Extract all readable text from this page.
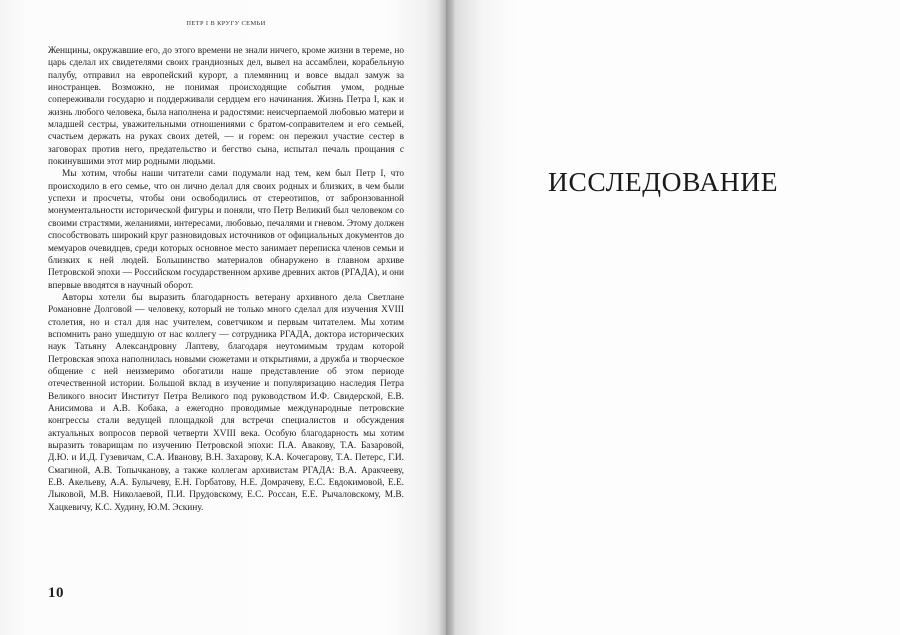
ПЕТР I В КРУГУ СЕМЬИ

Женщины, окружавшие его, до этого времени не знали ничего, кроме жизни в тереме, но царь сделал их свидетелями своих грандиозных дел, вывел на ассамблеи, корабельную палубу, отправил на европейский курорт, а племянниц и вовсе выдал замуж за иностранцев. Возможно, не понимая происходящие события умом, родные сопереживали государю и поддерживали сердцем его начинания. Жизнь Петра I, как и жизнь любого человека, была наполнена и радостями: неисчерпаемой любовью матери и младшей сестры, уважительными отношениями с братом-соправителем и его семьей, счастьем держать на руках своих детей, — и горем: он пережил участие сестер в заговорах против него, предательство и бегство сына, испытал печаль прощания с покинувшими этот мир родными людьми.

Мы хотим, чтобы наши читатели сами подумали над тем, кем был Петр I, что происходило в его семье, что он лично делал для своих родных и близких, в чем были успехи и просчеты, чтобы они освободились от стереотипов, от забронзованной монументальности исторической фигуры и поняли, что Петр Великий был человеком со своими страстями, желаниями, интересами, любовью, печалями и гневом. Этому должен способствовать широкий круг разновидовых источников от официальных документов до мемуаров очевидцев, среди которых основное место занимает переписка членов семьи и близких к ней людей. Большинство материалов обнаружено в главном архиве Петровской эпохи — Российском государственном архиве древних актов (РГАДА), и они впервые вводятся в научный оборот.

Авторы хотели бы выразить благодарность ветерану архивного дела Светлане Романовне Долговой — человеку, который не только много сделал для изучения XVIII столетия, но и стал для нас учителем, советчиком и первым читателем. Мы хотим вспомнить рано ушедшую от нас коллегу — сотрудника РГАДА, доктора исторических наук Татьяну Александровну Лаптеву, благодаря неутомимым трудам которой Петровская эпоха наполнилась новыми сюжетами и открытиями, а дружба и творческое общение с ней неизмеримо обогатили наше представление об этом периоде отечественной истории. Большой вклад в изучение и популяризацию наследия Петра Великого вносит Институт Петра Великого под руководством И.Ф. Свидерской, Е.В. Анисимова и А.В. Кобака, а ежегодно проводимые международные петровские конгрессы стали ведущей площадкой для встречи специалистов и обсуждения актуальных вопросов первой четверти XVIII века. Особую благодарность мы хотим выразить товарищам по изучению Петровской эпохи: П.А. Авакову, Т.А. Базаровой, Д.Ю. и И.Д. Гузевичам, С.А. Иванову, В.Н. Захарову, К.А. Кочегарову, Т.А. Петерс, Г.И. Смагиной, А.В. Топычканову, а также коллегам архивистам РГАДА: В.А. Аракчееву, Е.В. Акельеву, А.А. Булычеву, Е.Н. Горбатову, Н.Е. Домрачеву, Е.С. Евдокимовой, Е.Е. Лыковой, М.В. Николаевой, П.И. Прудовскому, Е.С. Россан, Е.Е. Рычаловскому, М.В. Хацкевичу, К.С. Худину, Ю.М. Эскину.

10
ИССЛЕДОВАНИЕ
